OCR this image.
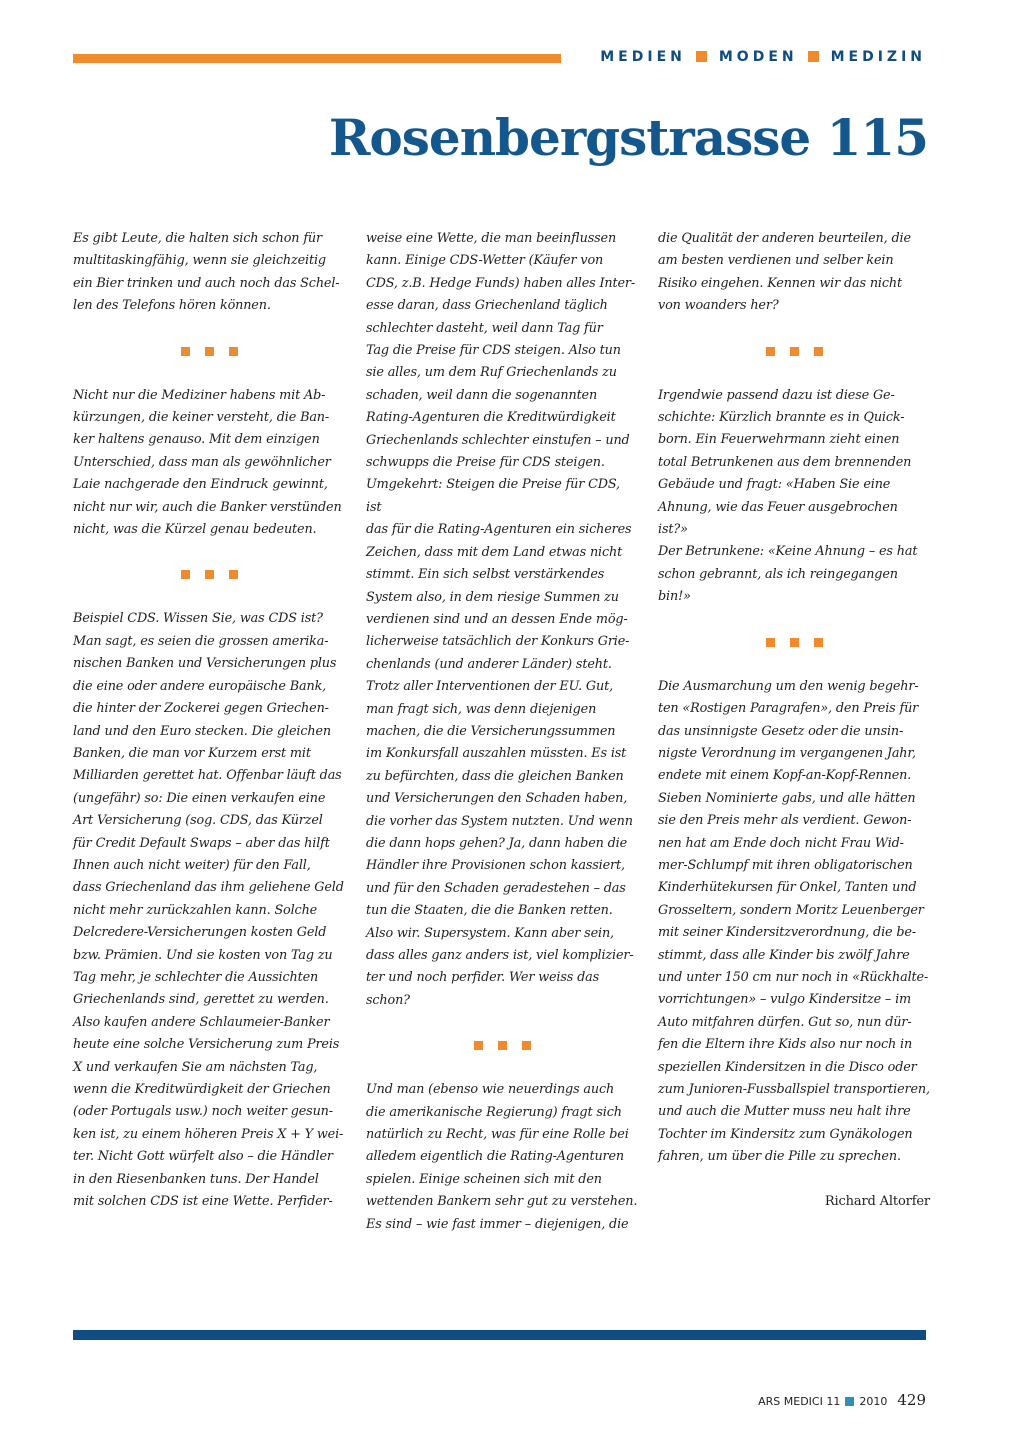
MEDIEN MODEN MEDIZIN
Rosenbergstrasse 115

Es gibt Leute, die halten sich schon für
multitaskingfähig, wenn sie gleichzeitig
ein Bier trinken und auch noch das Schel-
len des Telefons hören können.

Nicht nur die Mediziner habens mit Ab-
kürzungen, die keiner versteht, die Ban-
ker haltens genauso. Mit dem einzigen
Unterschied, dass man als gewöhnlicher
Laie nachgerade den Eindruck gewinnt,
nicht nur wir, auch die Banker verstünden
nicht, was die Kürzel genau bedeuten.

Beispiel CDS. Wissen Sie, was CDS ist?
Man sagt, es seien die grossen amerika-
nischen Banken und Versicherungen plus
die eine oder andere europäische Bank,
die hinter der Zockerei gegen Griechen-
land und den Euro stecken. Die gleichen
Banken, die man vor Kurzem erst mit
Milliarden gerettet hat. Offenbar läuft das
(ungefähr) so: Die einen verkaufen eine
Art Versicherung (sog. CDS, das Kürzel
für Credit Default Swaps – aber das hilft
Ihnen auch nicht weiter) für den Fall,
dass Griechenland das ihm geliehene Geld
nicht mehr zurückzahlen kann. Solche
Delcredere-Versicherungen kosten Geld
bzw. Prämien. Und sie kosten von Tag zu
Tag mehr, je schlechter die Aussichten
Griechenlands sind, gerettet zu werden.
Also kaufen andere Schlaumeier-Banker
heute eine solche Versicherung zum Preis
X und verkaufen Sie am nächsten Tag,
wenn die Kreditwürdigkeit der Griechen
(oder Portugals usw.) noch weiter gesun-
ken ist, zu einem höheren Preis X + Y wei-
ter. Nicht Gott würfelt also – die Händler
in den Riesenbanken tuns. Der Handel
mit solchen CDS ist eine Wette. Perfider-

weise eine Wette, die man beeinflussen
kann. Einige CDS-Wetter (Käufer von
CDS, z.B. Hedge Funds) haben alles Inter-
esse daran, dass Griechenland täglich
schlechter dasteht, weil dann Tag für
Tag die Preise für CDS steigen. Also tun
sie alles, um dem Ruf Griechenlands zu
schaden, weil dann die sogenannten
Rating-Agenturen die Kreditwürdigkeit
Griechenlands schlechter einstufen – und
schwupps die Preise für CDS steigen.
Umgekehrt: Steigen die Preise für CDS, ist
das für die Rating-Agenturen ein sicheres
Zeichen, dass mit dem Land etwas nicht
stimmt. Ein sich selbst verstärkendes
System also, in dem riesige Summen zu
verdienen sind und an dessen Ende mög-
licherweise tatsächlich der Konkurs Grie-
chenlands (und anderer Länder) steht.
Trotz aller Interventionen der EU. Gut,
man fragt sich, was denn diejenigen
machen, die die Versicherungssummen
im Konkursfall auszahlen müssten. Es ist
zu befürchten, dass die gleichen Banken
und Versicherungen den Schaden haben,
die vorher das System nutzten. Und wenn
die dann hops gehen? Ja, dann haben die
Händler ihre Provisionen schon kassiert,
und für den Schaden geradestehen – das
tun die Staaten, die die Banken retten.
Also wir. Supersystem. Kann aber sein,
dass alles ganz anders ist, viel komplizier-
ter und noch perfider. Wer weiss das
schon?

Und man (ebenso wie neuerdings auch
die amerikanische Regierung) fragt sich
natürlich zu Recht, was für eine Rolle bei
alledem eigentlich die Rating-Agenturen
spielen. Einige scheinen sich mit den
wettenden Bankern sehr gut zu verstehen.
Es sind – wie fast immer – diejenigen, die

die Qualität der anderen beurteilen, die
am besten verdienen und selber kein
Risiko eingehen. Kennen wir das nicht
von woanders her?

Irgendwie passend dazu ist diese Ge-
schichte: Kürzlich brannte es in Quick-
born. Ein Feuerwehrmann zieht einen
total Betrunkenen aus dem brennenden
Gebäude und fragt: «Haben Sie eine
Ahnung, wie das Feuer ausgebrochen ist?»
Der Betrunkene: «Keine Ahnung – es hat
schon gebrannt, als ich reingegangen
bin!»

Die Ausmarchung um den wenig begehr-
ten «Rostigen Paragrafen», den Preis für
das unsinnigste Gesetz oder die unsin-
nigste Verordnung im vergangenen Jahr,
endete mit einem Kopf-an-Kopf-Rennen.
Sieben Nominierte gabs, und alle hätten
sie den Preis mehr als verdient. Gewon-
nen hat am Ende doch nicht Frau Wid-
mer-Schlumpf mit ihren obligatorischen
Kinderhütekursen für Onkel, Tanten und
Grosseltern, sondern Moritz Leuenberger
mit seiner Kindersitzverordnung, die be-
stimmt, dass alle Kinder bis zwölf Jahre
und unter 150 cm nur noch in «Rückhalte-
vorrichtungen» – vulgo Kindersitze – im
Auto mitfahren dürfen. Gut so, nun dür-
fen die Eltern ihre Kids also nur noch in
speziellen Kindersitzen in die Disco oder
zum Junioren-Fussballspiel transportieren,
und auch die Mutter muss neu halt ihre
Tochter im Kindersitz zum Gynäkologen
fahren, um über die Pille zu sprechen.

Richard Altorfer
ARS MEDICI 11 2010 429
